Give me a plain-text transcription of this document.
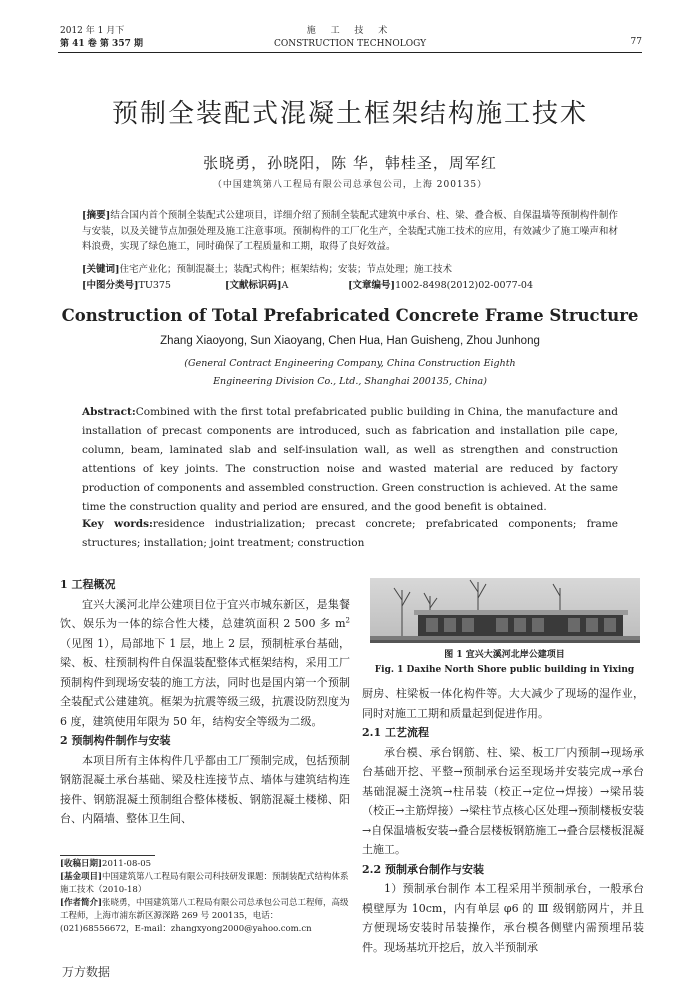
2012 年 1 月下
第 41 卷 第 357 期
施 工 技 术
CONSTRUCTION TECHNOLOGY	77
预制全装配式混凝土框架结构施工技术
张晓勇，孙晓阳，陈 华，韩桂圣，周军红
（中国建筑第八工程局有限公司总承包公司，上海 200135）
[摘要]结合国内首个预制全装配式公建项目，详细介绍了预制全装配式建筑中承台、柱、梁、叠合板、自保温墙等预制构件制作与安装，以及关键节点加强处理及施工注意事项。预制构件的工厂化生产，全装配式施工技术的应用，有效减少了施工噪声和材料浪费，实现了绿色施工，同时确保了工程质量和工期，取得了良好效益。
[关键词]住宅产业化；预制混凝土；装配式构件；框架结构；安装；节点处理；施工技术
[中图分类号]TU375	[文献标识码]A	[文章编号]1002-8498(2012)02-0077-04
Construction of Total Prefabricated Concrete Frame Structure
Zhang Xiaoyong, Sun Xiaoyang, Chen Hua, Han Guisheng, Zhou Junhong
(General Contract Engineering Company, China Construction Eighth
Engineering Division Co., Ltd., Shanghai 200135, China)
Abstract:Combined with the first total prefabricated public building in China, the manufacture and installation of precast components are introduced, such as fabrication and installation pile cape, column, beam, laminated slab and self-insulation wall, as well as strengthen and construction attentions of key joints. The construction noise and wasted material are reduced by factory production of components and assembled construction. Green construction is achieved. At the same time the construction quality and period are ensured, and the good benefit is obtained.
Key words:residence industrialization; precast concrete; prefabricated components; frame structures; installation; joint treatment; construction
1 工程概况

宜兴大溪河北岸公建项目位于宜兴市城东新区，是集餐饮、娱乐为一体的综合性大楼，总建筑面积 2 500 多 $m^2$（见图 1），局部地下 1 层，地上 2 层，预制桩承台基础，梁、板、柱预制构件自保温装配整体式框架结构，采用工厂预制构件到现场安装的施工方法，同时也是国内第一个预制全装配式公建建筑。框架为抗震等级三级，抗震设防烈度为 6 度，建筑使用年限为 50 年，结构安全等级为二级。

2 预制构件制作与安装

本项目所有主体构件几乎都由工厂预制完成，包括预制钢筋混凝土承台基础、梁及柱连接节点、墙体与建筑结构连接件、钢筋混凝土预制组合整体楼板、钢筋混凝土楼梯、阳台、内隔墙、整体卫生间、

图 1 宜兴大溪河北岸公建项目
Fig. 1 Daxihe North Shore public building in Yixing

厨房、柱梁板一体化构件等。大大减少了现场的湿作业，同时对施工工期和质量起到促进作用。

2.1 工艺流程

承台模、承台钢筋、柱、梁、板工厂内预制→现场承台基础开挖、平整→预制承台运至现场并安装完成→承台基础混凝土浇筑→柱吊装（校正→定位→焊接）→梁吊装（校正→主筋焊接）→梁柱节点核心区处理→预制楼板安装→自保温墙板安装→叠合层楼板钢筋施工→叠合层楼板混凝土施工。

2.2 预制承台制作与安装

1）预制承台制作 本工程采用半预制承台，一般承台模壁厚为 10cm，内有单层 φ6 的 Ⅲ 级钢筋网片，并且方便现场安装时吊装操作，承台模各侧壁内需预埋吊装件。现场基坑开挖后，放入半预制承

[收稿日期]2011-08-05
[基金项目]中国建筑第八工程局有限公司科技研发课题：预制装配式结构体系施工技术（2010-18）
[作者简介]张晓勇，中国建筑第八工程局有限公司总承包公司总工程师，高级工程师，上海市浦东新区源深路 269 号 200135，电话：(021)68556672，E-mail：zhangxyong2000@yahoo.com.cn
万方数据
